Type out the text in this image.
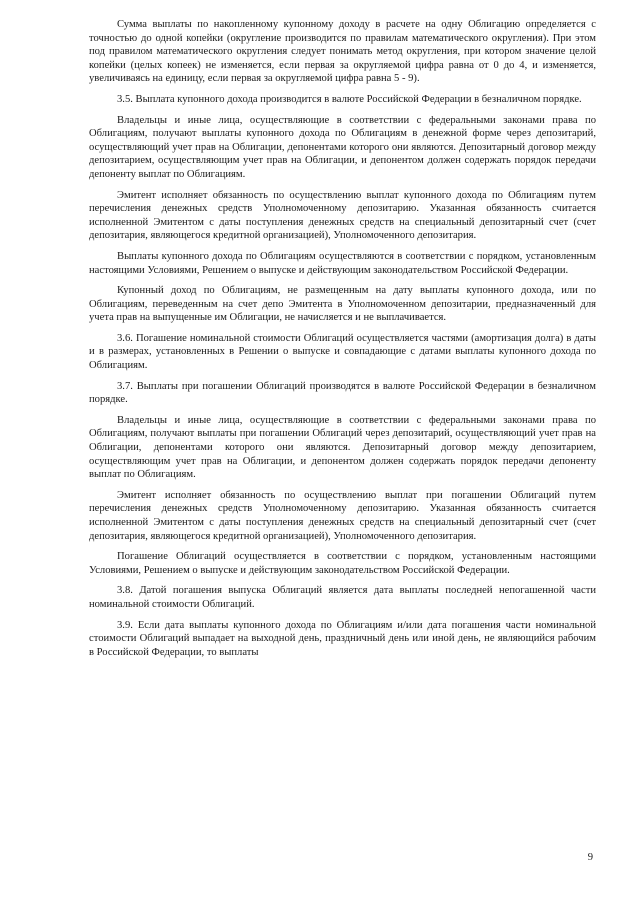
Сумма выплаты по накопленному купонному доходу в расчете на одну Облигацию определяется с точностью до одной копейки (округление производится по правилам математического округления). При этом под правилом математического округления следует понимать метод округления, при котором значение целой копейки (целых копеек) не изменяется, если первая за округляемой цифра равна от 0 до 4, и изменяется, увеличиваясь на единицу, если первая за округляемой цифра равна 5 - 9).

3.5. Выплата купонного дохода производится в валюте Российской Федерации в безналичном порядке.

Владельцы и иные лица, осуществляющие в соответствии с федеральными законами права по Облигациям, получают выплаты купонного дохода по Облигациям в денежной форме через депозитарий, осуществляющий учет прав на Облигации, депонентами которого они являются. Депозитарный договор между депозитарием, осуществляющим учет прав на Облигации, и депонентом должен содержать порядок передачи депоненту выплат по Облигациям.

Эмитент исполняет обязанность по осуществлению выплат купонного дохода по Облигациям путем перечисления денежных средств Уполномоченному депозитарию. Указанная обязанность считается исполненной Эмитентом с даты поступления денежных средств на специальный депозитарный счет (счет депозитария, являющегося кредитной организацией), Уполномоченного депозитария.

Выплаты купонного дохода по Облигациям осуществляются в соответствии с порядком, установленным настоящими Условиями, Решением о выпуске и действующим законодательством Российской Федерации.

Купонный доход по Облигациям, не размещенным на дату выплаты купонного дохода, или по Облигациям, переведенным на счет депо Эмитента в Уполномоченном депозитарии, предназначенный для учета прав на выпущенные им Облигации, не начисляется и не выплачивается.

3.6. Погашение номинальной стоимости Облигаций осуществляется частями (амортизация долга) в даты и в размерах, установленных в Решении о выпуске и совпадающие с датами выплаты купонного дохода по Облигациям.

3.7. Выплаты при погашении Облигаций производятся в валюте Российской Федерации в безналичном порядке.

Владельцы и иные лица, осуществляющие в соответствии с федеральными законами права по Облигациям, получают выплаты при погашении Облигаций через депозитарий, осуществляющий учет прав на Облигации, депонентами которого они являются. Депозитарный договор между депозитарием, осуществляющим учет прав на Облигации, и депонентом должен содержать порядок передачи депоненту выплат по Облигациям.

Эмитент исполняет обязанность по осуществлению выплат при погашении Облигаций путем перечисления денежных средств Уполномоченному депозитарию. Указанная обязанность считается исполненной Эмитентом с даты поступления денежных средств на специальный депозитарный счет (счет депозитария, являющегося кредитной организацией), Уполномоченного депозитария.

Погашение Облигаций осуществляется в соответствии с порядком, установленным настоящими Условиями, Решением о выпуске и действующим законодательством Российской Федерации.

3.8. Датой погашения выпуска Облигаций является дата выплаты последней непогашенной части номинальной стоимости Облигаций.

3.9. Если дата выплаты купонного дохода по Облигациям и/или дата погашения части номинальной стоимости Облигаций выпадает на выходной день, праздничный день или иной день, не являющийся рабочим в Российской Федерации, то выплаты

9
